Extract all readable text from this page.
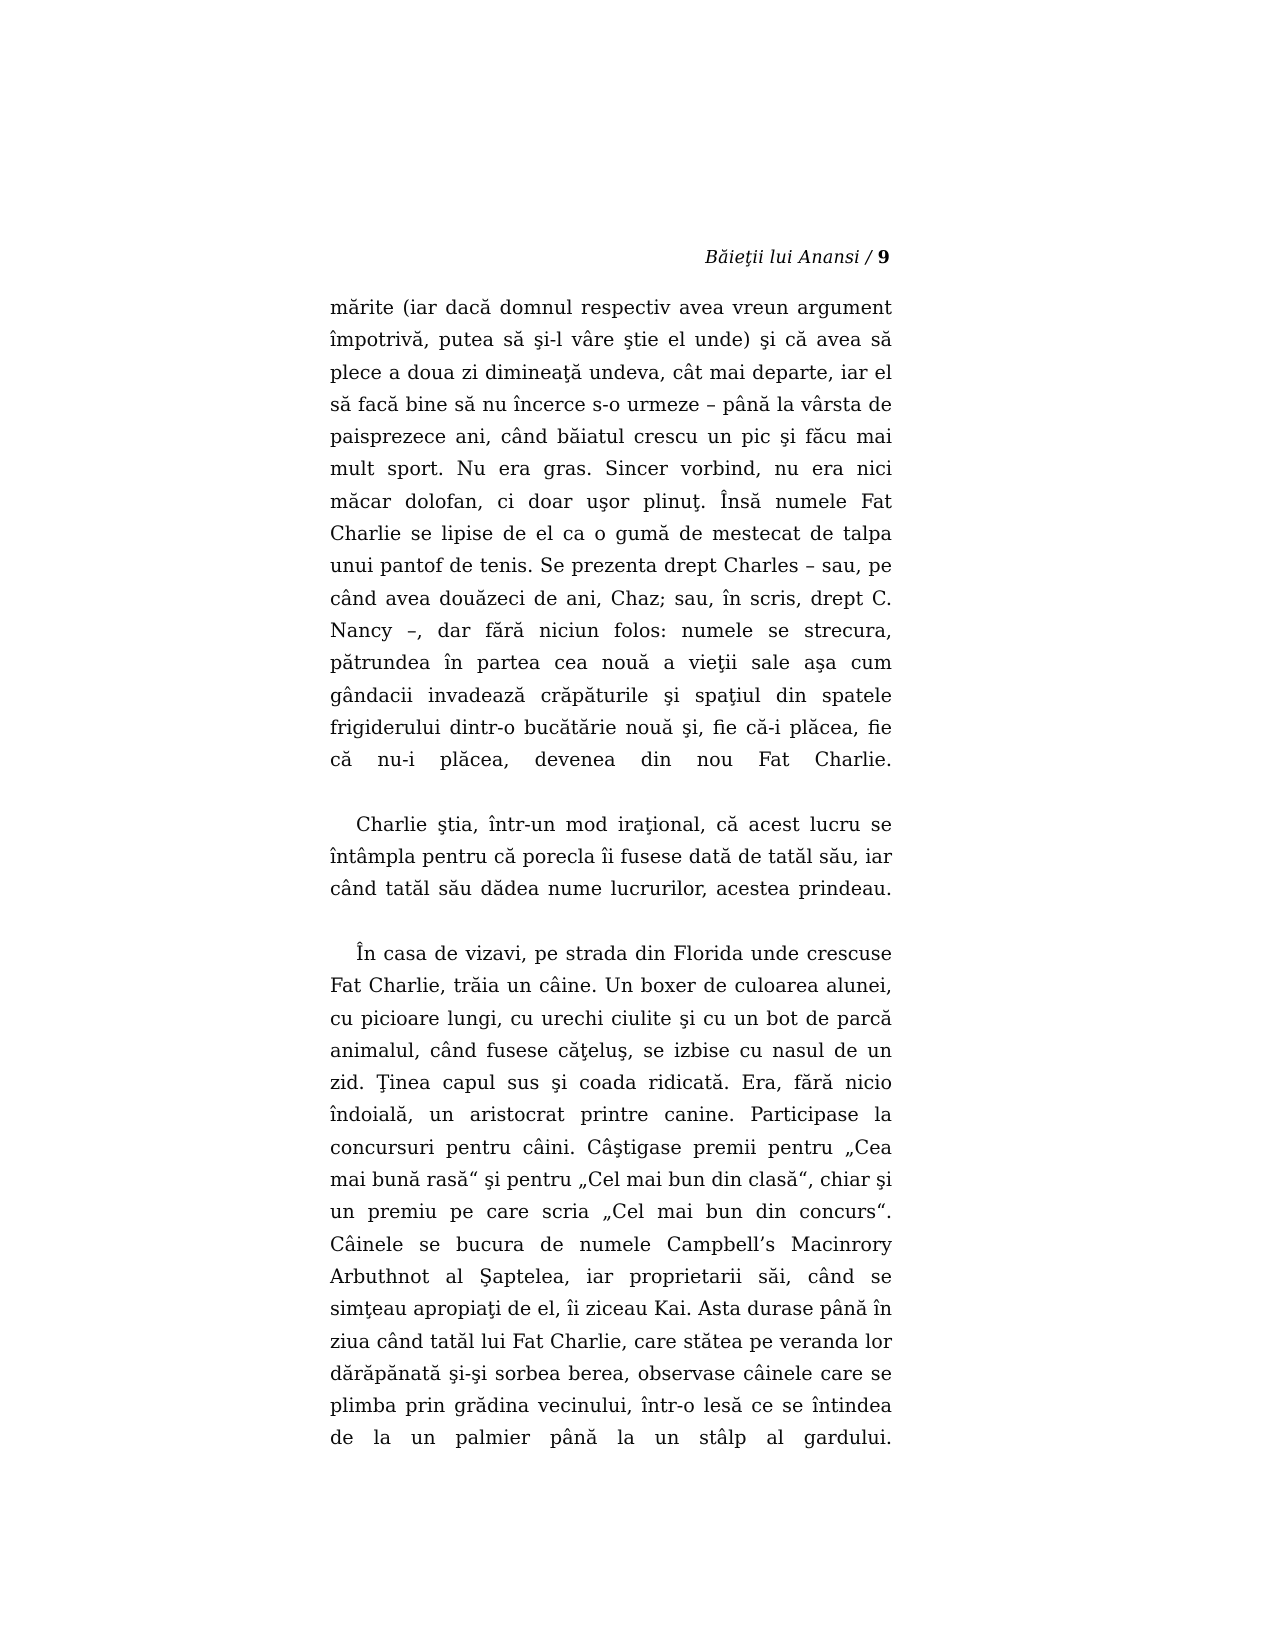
Băieţii lui Anansi / 9

mărite (iar dacă domnul respectiv avea vreun argument împotrivă, putea să şi-l vâre ştie el unde) şi că avea să plece a doua zi dimineaţă undeva, cât mai departe, iar el să facă bine să nu încerce s-o urmeze – până la vârsta de paisprezece ani, când băiatul crescu un pic şi făcu mai mult sport. Nu era gras. Sincer vorbind, nu era nici măcar dolofan, ci doar uşor plinuţ. Însă numele Fat Charlie se lipise de el ca o gumă de mestecat de talpa unui pantof de tenis. Se prezenta drept Charles – sau, pe când avea douăzeci de ani, Chaz; sau, în scris, drept C. Nancy –, dar fără niciun folos: numele se strecura, pătrundea în partea cea nouă a vieţii sale aşa cum gândacii invadează crăpăturile şi spaţiul din spatele frigiderului dintr-o bucătărie nouă şi, fie că-i plăcea, fie că nu-i plăcea, devenea din nou Fat Charlie.

Charlie ştia, într-un mod iraţional, că acest lucru se întâmpla pentru că porecla îi fusese dată de tatăl său, iar când tatăl său dădea nume lucrurilor, acestea prindeau.

În casa de vizavi, pe strada din Florida unde crescuse Fat Charlie, trăia un câine. Un boxer de culoarea alunei, cu picioare lungi, cu urechi ciulite şi cu un bot de parcă animalul, când fusese căţeluş, se izbise cu nasul de un zid. Ţinea capul sus şi coada ridicată. Era, fără nicio îndoială, un aristocrat printre canine. Participase la concursuri pentru câini. Câştigase premii pentru „Cea mai bună rasă“ şi pentru „Cel mai bun din clasă“, chiar şi un premiu pe care scria „Cel mai bun din concurs“. Câinele se bucura de numele Campbell’s Macinrory Arbuthnot al Şaptelea, iar proprietarii săi, când se simţeau apropiaţi de el, îi ziceau Kai. Asta durase până în ziua când tatăl lui Fat Charlie, care stătea pe veranda lor dărăpănată şi-şi sorbea berea, observase câinele care se plimba prin grădina vecinului, într-o lesă ce se întindea de la un palmier până la un stâlp al gardului.
